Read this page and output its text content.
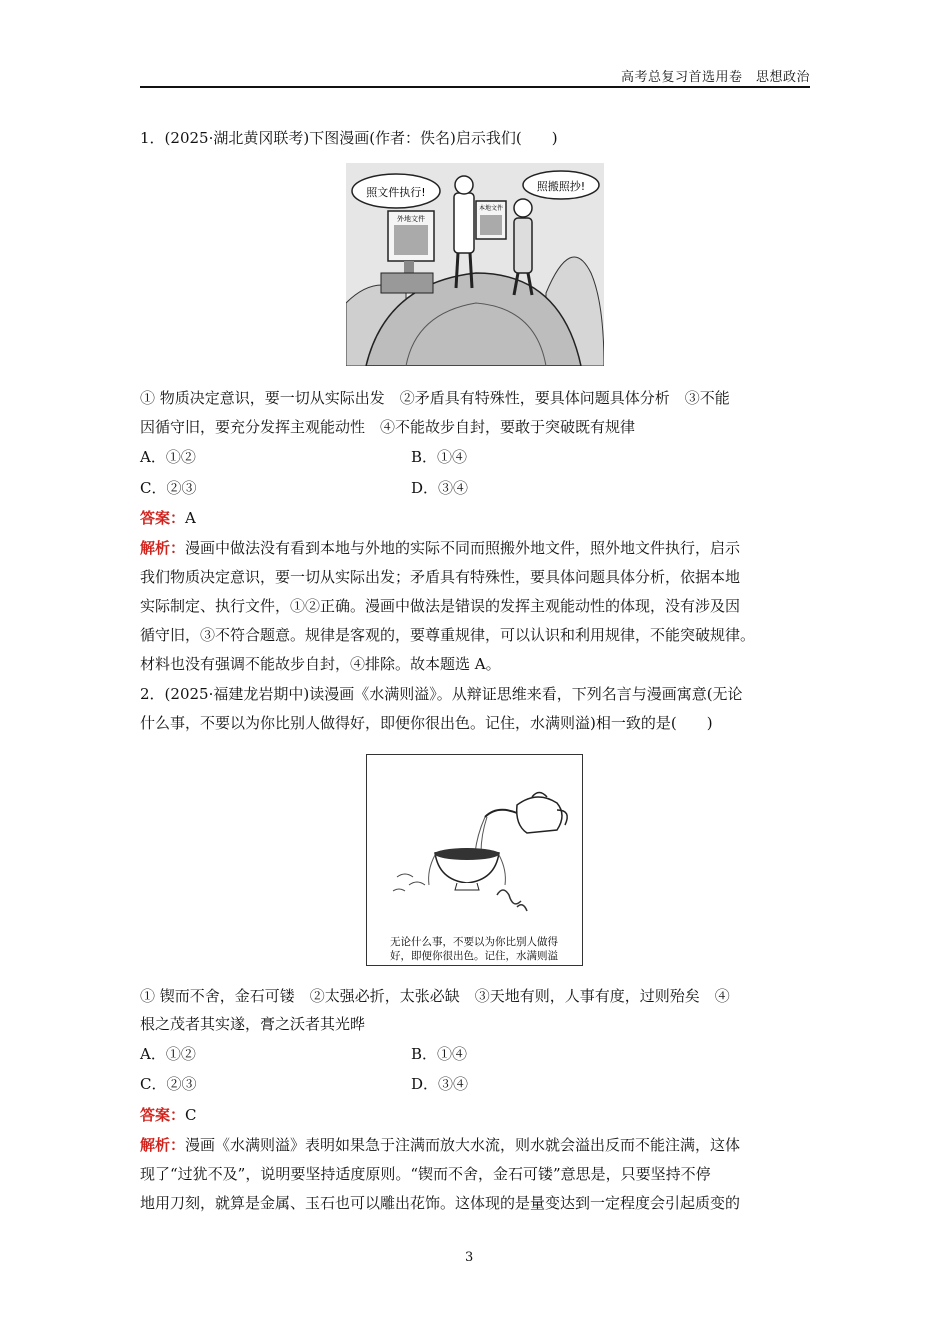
高考总复习首选用卷　思想政治
1．(2025·湖北黄冈联考)下图漫画(作者：佚名)启示我们(　　)
照文件执行!	照搬照抄!
外地文件
本地文件
① 物质决定意识，要一切从实际出发　②矛盾具有特殊性，要具体问题具体分析　③不能
因循守旧，要充分发挥主观能动性　④不能故步自封，要敢于突破既有规律
A．①②	B．①④
C．②③	D．③④
答案：A
解析：漫画中做法没有看到本地与外地的实际不同而照搬外地文件，照外地文件执行，启示
我们物质决定意识，要一切从实际出发；矛盾具有特殊性，要具体问题具体分析，依据本地
实际制定、执行文件，①②正确。漫画中做法是错误的发挥主观能动性的体现，没有涉及因
循守旧，③不符合题意。规律是客观的，要尊重规律，可以认识和利用规律，不能突破规律。
材料也没有强调不能故步自封，④排除。故本题选 A。
2．(2025·福建龙岩期中)读漫画《水满则溢》。从辩证思维来看，下列名言与漫画寓意(无论
什么事，不要以为你比别人做得好，即便你很出色。记住，水满则溢)相一致的是(　　)
无论什么事，不要以为你比别人做得
好，即便你很出色。记住，水满则溢
① 锲而不舍，金石可镂　②太强必折，太张必缺　③天地有则，人事有度，过则殆矣　④
根之茂者其实遂，膏之沃者其光晔
A．①②	B．①④
C．②③	D．③④
答案：C
解析：漫画《水满则溢》表明如果急于注满而放大水流，则水就会溢出反而不能注满，这体
现了“过犹不及”，说明要坚持适度原则。“锲而不舍，金石可镂”意思是，只要坚持不停
地用刀刻，就算是金属、玉石也可以雕出花饰。这体现的是量变达到一定程度会引起质变的
3
